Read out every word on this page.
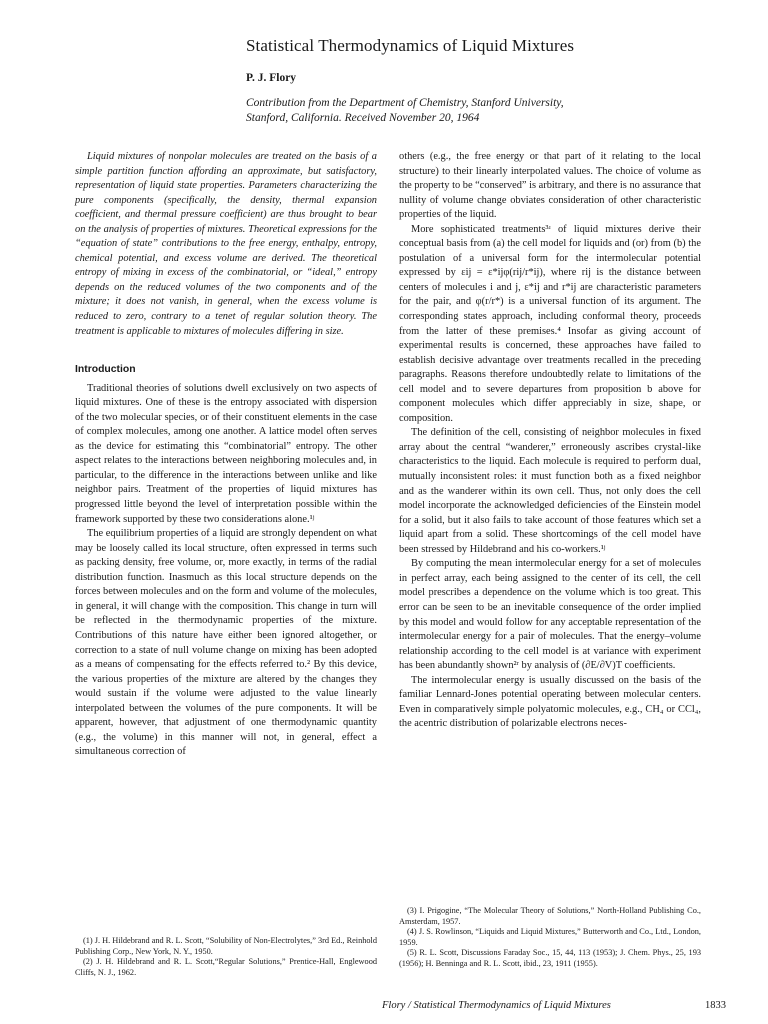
Statistical Thermodynamics of Liquid Mixtures
P. J. Flory
Contribution from the Department of Chemistry, Stanford University,
Stanford, California. Received November 20, 1964

Liquid mixtures of nonpolar molecules are treated on the basis of a simple partition function affording an approximate, but satisfactory, representation of liquid state properties. Parameters characterizing the pure components (specifically, the density, thermal expansion coefficient, and thermal pressure coefficient) are thus brought to bear on the analysis of properties of mixtures. Theoretical expressions for the “equation of state” contributions to the free energy, enthalpy, entropy, chemical potential, and excess volume are derived. The theoretical entropy of mixing in excess of the combinatorial, or “ideal,” entropy depends on the reduced volumes of the two components and of the mixture; it does not vanish, in general, when the excess volume is reduced to zero, contrary to a tenet of regular solution theory. The treatment is applicable to mixtures of molecules differing in size.

Introduction

Traditional theories of solutions dwell exclusively on two aspects of liquid mixtures. One of these is the entropy associated with dispersion of the two molecular species, or of their constituent elements in the case of complex molecules, among one another. A lattice model often serves as the device for estimating this “combinatorial” entropy. The other aspect relates to the interactions between neighboring molecules and, in particular, to the difference in the interactions between unlike and like neighbor pairs. Treatment of the properties of liquid mixtures has progressed little beyond the level of interpretation possible within the framework supported by these two considerations alone.¹ʲ

The equilibrium properties of a liquid are strongly dependent on what may be loosely called its local structure, often expressed in terms such as packing density, free volume, or, more exactly, in terms of the radial distribution function. Inasmuch as this local structure depends on the forces between molecules and on the form and volume of the molecules, in general, it will change with the composition. This change in turn will be reflected in the thermodynamic properties of the mixture. Contributions of this nature have either been ignored altogether, or correction to a state of null volume change on mixing has been adopted as a means of compensating for the effects referred to.² By this device, the various properties of the mixture are altered by the changes they would sustain if the volume were adjusted to the value linearly interpolated between the volumes of the pure components. It will be apparent, however, that adjustment of one thermodynamic quantity (e.g., the volume) in this manner will not, in general, effect a simultaneous correction of

others (e.g., the free energy or that part of it relating to the local structure) to their linearly interpolated values. The choice of volume as the property to be “conserved” is arbitrary, and there is no assurance that nullity of volume change obviates consideration of other characteristic properties of the liquid.

More sophisticated treatments³ʴ of liquid mixtures derive their conceptual basis from (a) the cell model for liquids and (or) from (b) the postulation of a universal form for the intermolecular potential expressed by εij = ε*ijφ(rij/r*ij), where rij is the distance between centers of molecules i and j, ε*ij and r*ij are characteristic parameters for the pair, and φ(r/r*) is a universal function of its argument. The corresponding states approach, including conformal theory, proceeds from the latter of these premises.⁴ Insofar as giving account of experimental results is concerned, these approaches have failed to establish decisive advantage over treatments recalled in the preceding paragraphs. Reasons therefore undoubtedly relate to limitations of the cell model and to severe departures from proposition b above for component molecules which differ appreciably in size, shape, or composition.

The definition of the cell, consisting of neighbor molecules in fixed array about the central “wanderer,” erroneously ascribes crystal-like characteristics to the liquid. Each molecule is required to perform dual, mutually inconsistent roles: it must function both as a fixed neighbor and as the wanderer within its own cell. Thus, not only does the cell model incorporate the acknowledged deficiencies of the Einstein model for a solid, but it also fails to take account of those features which set a liquid apart from a solid. These shortcomings of the cell model have been stressed by Hildebrand and his co-workers.¹ʲ

By computing the mean intermolecular energy for a set of molecules in perfect array, each being assigned to the center of its cell, the cell model prescribes a dependence on the volume which is too great. This error can be seen to be an inevitable consequence of the order implied by this model and would follow for any acceptable representation of the intermolecular energy for a pair of molecules. That the energy–volume relationship according to the cell model is at variance with experiment has been abundantly shown²ʳ by analysis of (∂E/∂V)T coefficients.

The intermolecular energy is usually discussed on the basis of the familiar Lennard-Jones potential operating between molecular centers. Even in comparatively simple polyatomic molecules, e.g., CH₄ or CCl₄, the acentric distribution of polarizable electrons neces-

(1) J. H. Hildebrand and R. L. Scott, “Solubility of Non-Electrolytes,” 3rd Ed., Reinhold Publishing Corp., New York, N. Y., 1950.
(2) J. H. Hildebrand and R. L. Scott,“Regular Solutions,” Prentice-Hall, Englewood Cliffs, N. J., 1962.
(3) I. Prigogine, “The Molecular Theory of Solutions,” North-Holland Publishing Co., Amsterdam, 1957.
(4) J. S. Rowlinson, “Liquids and Liquid Mixtures,” Butterworth and Co., Ltd., London, 1959.
(5) R. L. Scott, Discussions Faraday Soc., 15, 44, 113 (1953); J. Chem. Phys., 25, 193 (1956); H. Benninga and R. L. Scott, ibid., 23, 1911 (1955).
Flory / Statistical Thermodynamics of Liquid Mixtures	1833
